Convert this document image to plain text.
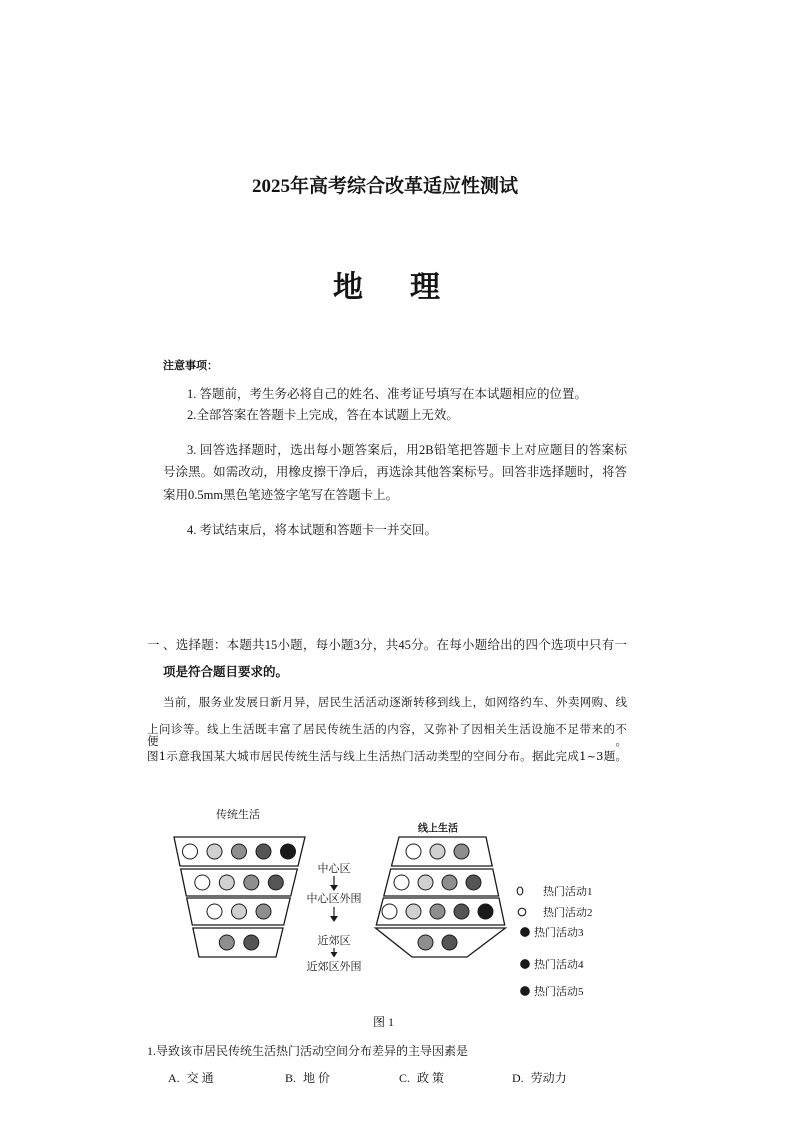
2025年高考综合改革适应性测试
地 理
注意事项：
1. 答题前，考生务必将自己的姓名、准考证号填写在本试题相应的位置。
2.全部答案在答题卡上完成，答在本试题上无效。
3. 回答选择题时，选出每小题答案后，用2B铅笔把答题卡上对应题目的答案标
号涂黑。如需改动，用橡皮擦干净后，再选涂其他答案标号。回答非选择题时，将答
案用0.5mm黑色笔迹签字笔写在答题卡上。
4. 考试结束后，将本试题和答题卡一并交回。
一 、选择题：本题共15小题，每小题3分，共45分。在每小题给出的四个选项中只有一
项是符合题目要求的。
当前，服务业发展日新月异，居民生活活动逐渐转移到线上，如网络约车、外卖网购、线
上问诊等。线上生活既丰富了居民传统生活的内容，又弥补了因相关生活设施不足带来的不便。
图1示意我国某大城市居民传统生活与线上生活热门活动类型的空间分布。据此完成1~3题。
传统生活
线上生活
中心区
中心区外围
近郊区
近郊区外围
热门活动1
热门活动2
热门活动3
热门活动4
热门活动5
图 1
1.导致该市居民传统生活热门活动空间分布差异的主导因素是
A. 交 通	B. 地 价	C. 政 策	D. 劳动力
